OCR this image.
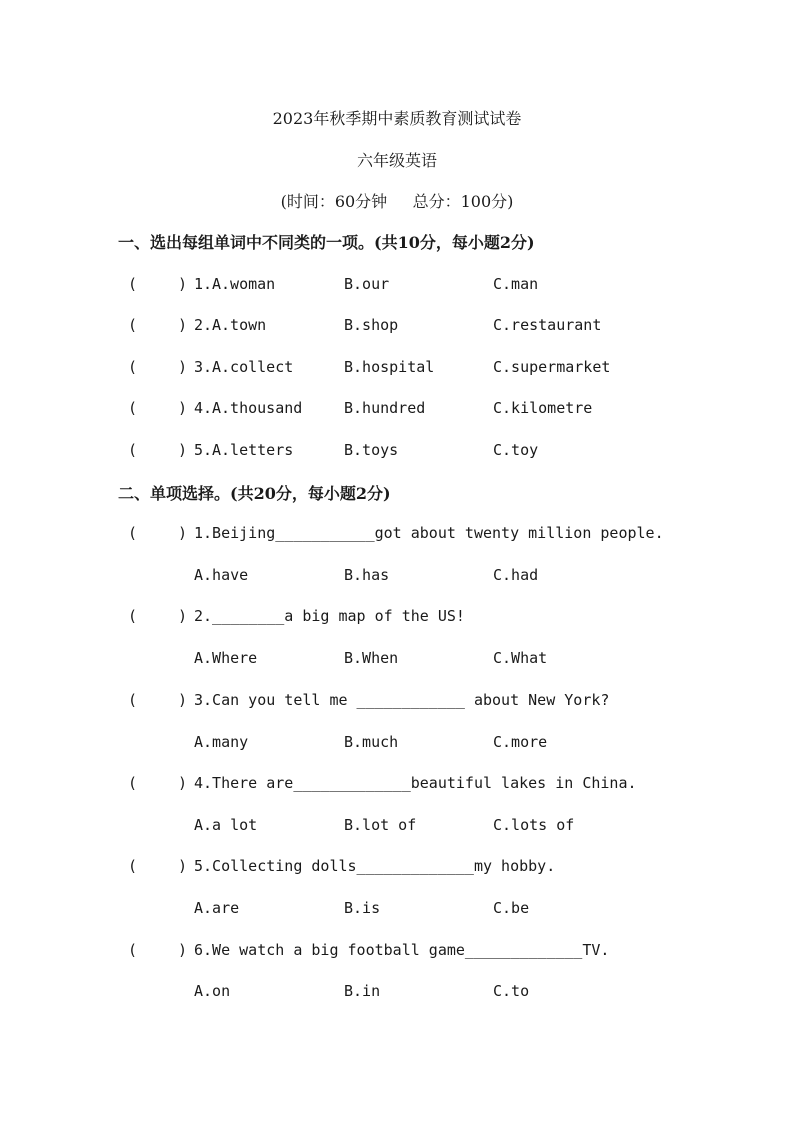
2023年秋季期中素质教育测试试卷
六年级英语
(时间：60分钟     总分：100分)
一、选出每组单词中不同类的一项。(共10分，每小题2分)
(	) 1. A.woman	B.our	C.man
(	) 2. A.town	B.shop	C.restaurant
(	) 3. A.collect	B.hospital	C.supermarket
(	) 4. A.thousand	B.hundred	C.kilometre
(	) 5. A.letters	B.toys	C.toy
二、单项选择。(共20分，每小题2分)
(	) 1.Beijing___________got about twenty million people.
A.have	B.has	C.had
(	) 2.________a big map of the US!
A.Where	B.When	C.What
(	) 3.Can you tell me ____________ about New York?
A.many	B.much	C.more
(	) 4.There are_____________beautiful lakes in China.
A.a lot	B.lot of	C.lots of
(	) 5.Collecting dolls_____________my hobby.
A.are	B.is	C.be
(	) 6.We watch a big football game_____________TV.
A.on	B.in	C.to
